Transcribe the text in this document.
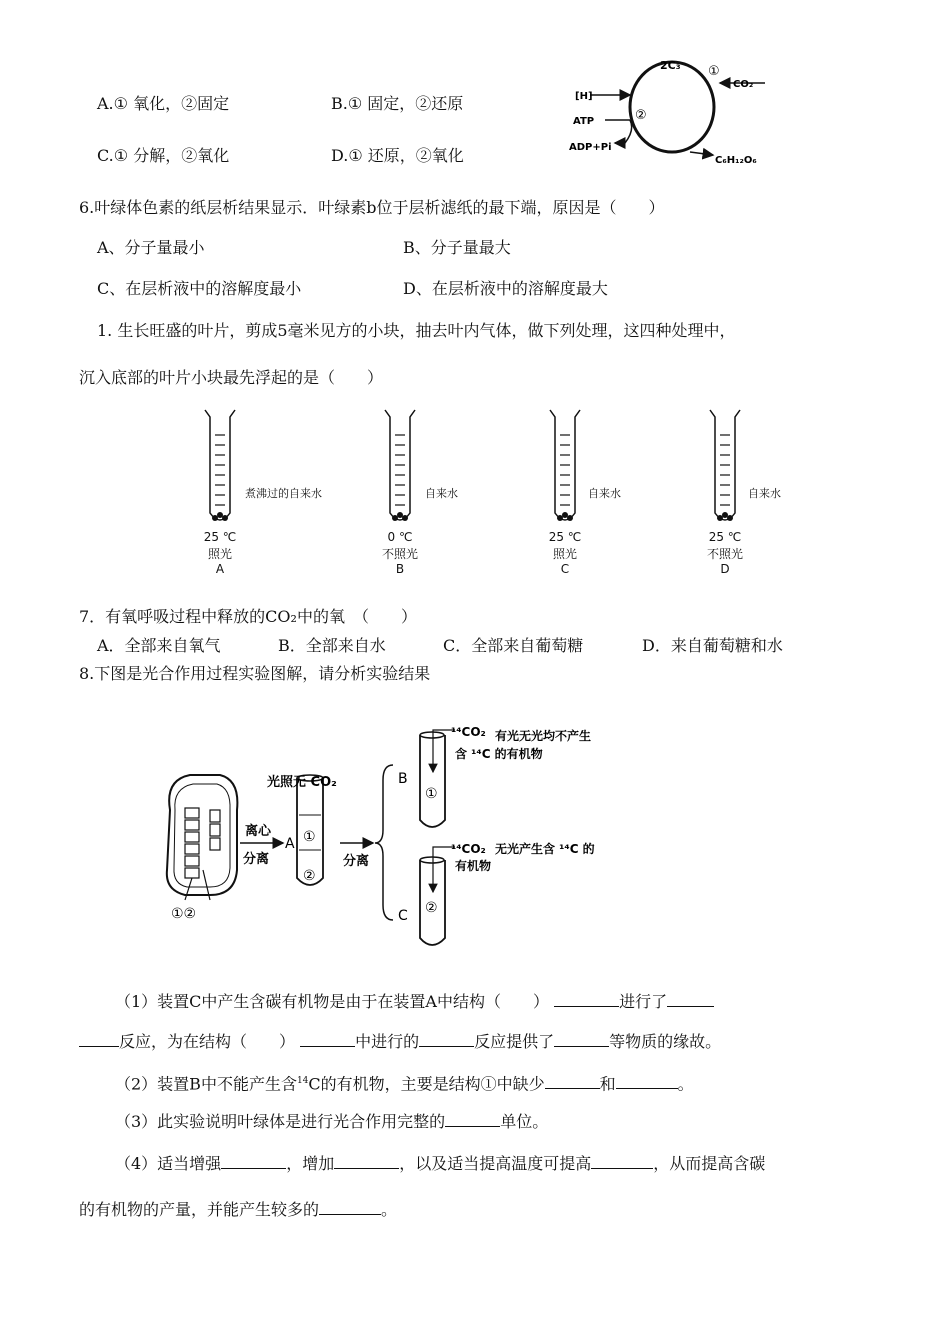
A.① 氧化，②固定	B.① 固定，②还原
C.① 分解，②氧化	D.① 还原，②氧化
2C₃ ①
CO₂
[H]
②
ATP
ADP+Pi
C₆H₁₂O₆
6.叶绿体色素的纸层析结果显示．叶绿素b位于层析滤纸的最下端，原因是（　　）
A、分子量最小	B、分子量最大
C、在层析液中的溶解度最小	D、在层析液中的溶解度最大
1. 生长旺盛的叶片，剪成5毫米见方的小块，抽去叶内气体，做下列处理，这四种处理中，
沉入底部的叶片小块最先浮起的是（　　）
煮沸过的自来水
25 ℃
照光
A
自来水
0 ℃
不照光
B
自来水
25 ℃
照光
C
自来水
25 ℃
不照光
D
7．有氧呼吸过程中释放的CO₂中的氧　（　　）
A．全部来自氧气	B．全部来自水	C．全部来自葡萄糖	D．来自葡萄糖和水
8.下图是光合作用过程实验图解，请分析实验结果
光照无 CO₂
离心
分离
A ①
②
分离
B
①
C ②
¹⁴CO₂ 有光无光均不产生
含 ¹⁴C 的有机物
¹⁴CO₂ 无光产生含 ¹⁴C 的
有机物
①②
（1）装置C中产生含碳有机物是由于在装置A中结构（　　）	进行了
反应，为在结构（　　）	中进行的	反应提供了	等物质的缘故。
（2）装置B中不能产生含$^{14}$C的有机物，主要是结构①中缺少	和	。
（3）此实验说明叶绿体是进行光合作用完整的	单位。
（4）适当增强	，增加	，以及适当提高温度可提高	，从而提高含碳
的有机物的产量，并能产生较多的	。
